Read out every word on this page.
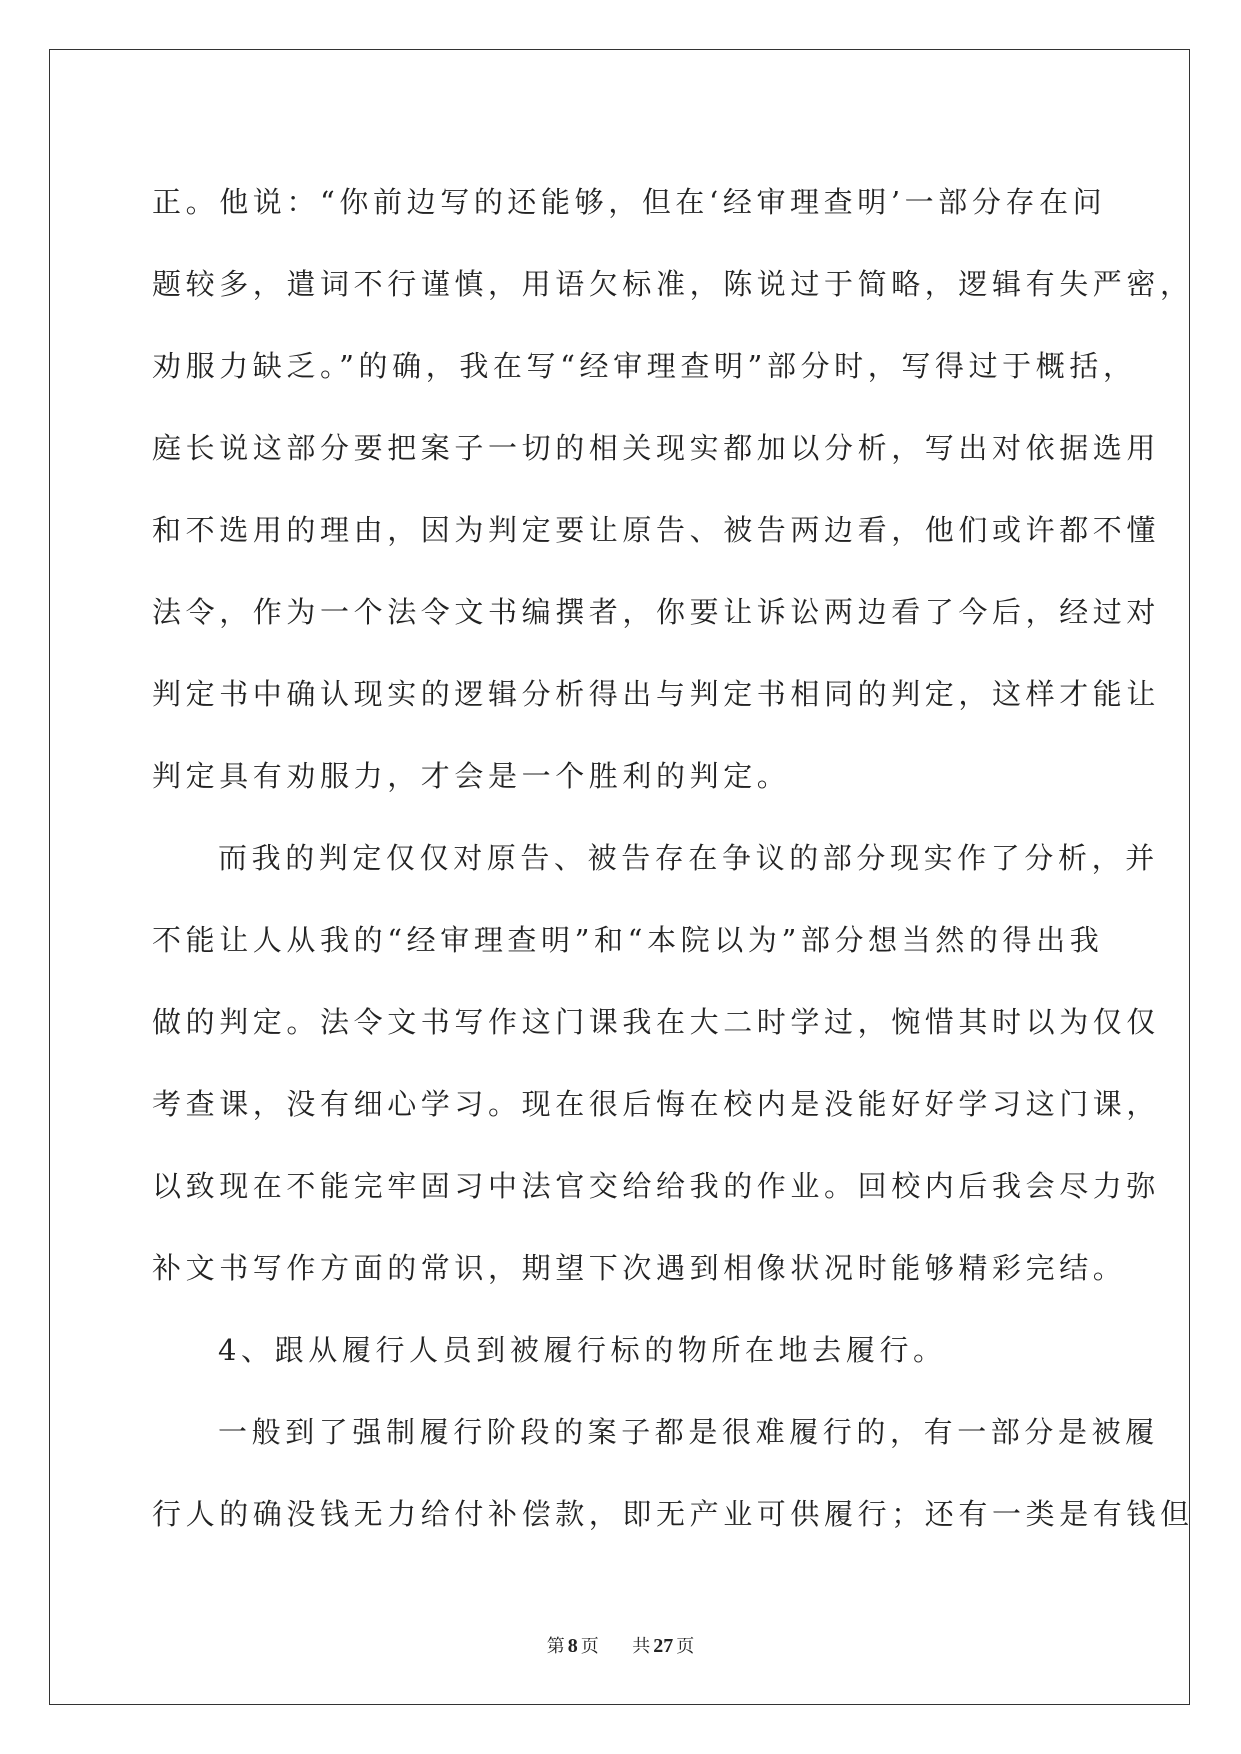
正。他说：“你前边写的还能够，但在‘经审理查明’一部分存在问
题较多，遣词不行谨慎，用语欠标准，陈说过于简略，逻辑有失严密，
劝服力缺乏。”的确，我在写“经审理查明”部分时，写得过于概括，
庭长说这部分要把案子一切的相关现实都加以分析，写出对依据选用
和不选用的理由，因为判定要让原告、被告两边看，他们或许都不懂
法令，作为一个法令文书编撰者，你要让诉讼两边看了今后，经过对
判定书中确认现实的逻辑分析得出与判定书相同的判定，这样才能让
判定具有劝服力，才会是一个胜利的判定。

而我的判定仅仅对原告、被告存在争议的部分现实作了分析，并
不能让人从我的“经审理查明”和“本院以为”部分想当然的得出我
做的判定。法令文书写作这门课我在大二时学过，惋惜其时以为仅仅
考查课，没有细心学习。现在很后悔在校内是没能好好学习这门课，
以致现在不能完牢固习中法官交给给我的作业。回校内后我会尽力弥
补文书写作方面的常识，期望下次遇到相像状况时能够精彩完结。

4、跟从履行人员到被履行标的物所在地去履行。

一般到了强制履行阶段的案子都是很难履行的，有一部分是被履
行人的确没钱无力给付补偿款，即无产业可供履行；还有一类是有钱但

第 8 页 共 27 页
